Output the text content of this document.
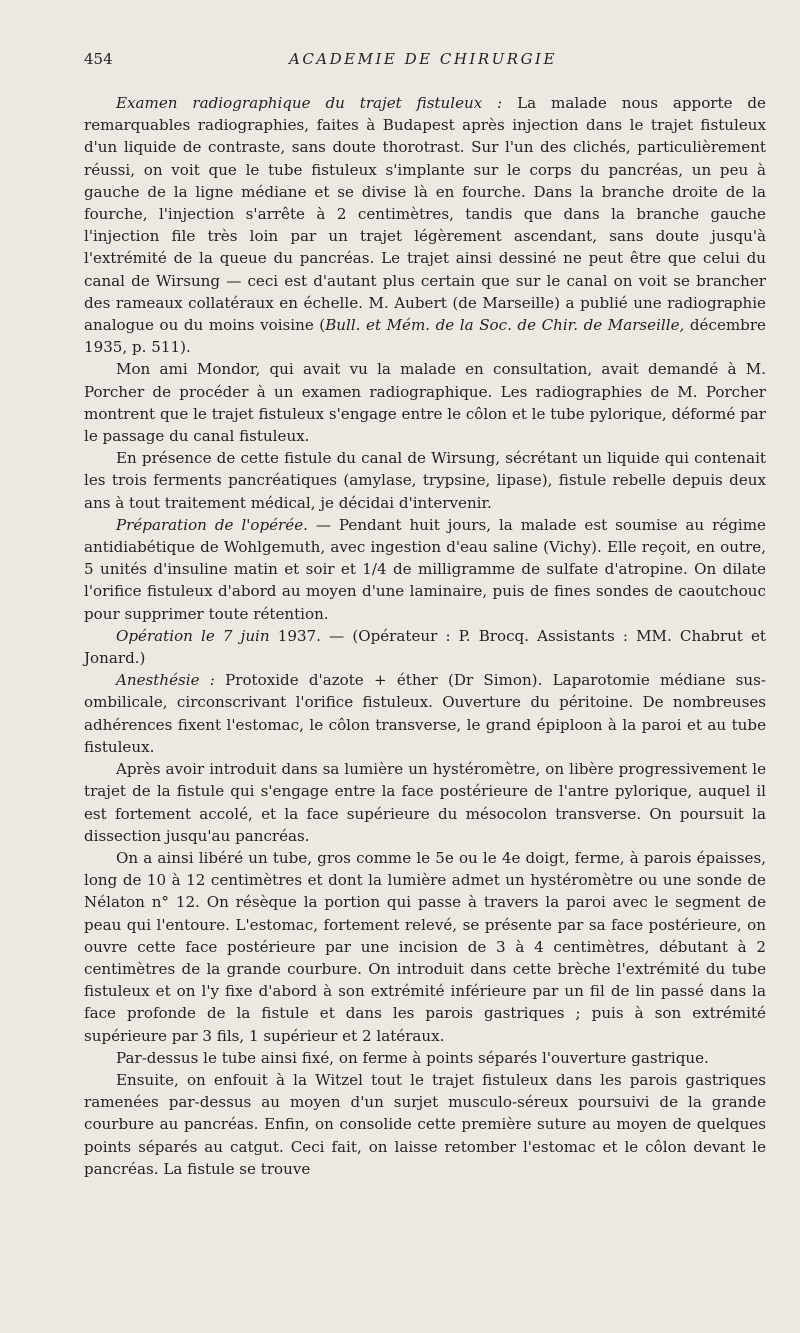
454	ACADEMIE DE CHIRURGIE

Examen radiographique du trajet fistuleux : La malade nous apporte de remarquables radiographies, faites à Budapest après injection dans le trajet fistuleux d'un liquide de contraste, sans doute thorotrast. Sur l'un des clichés, particulièrement réussi, on voit que le tube fistuleux s'implante sur le corps du pancréas, un peu à gauche de la ligne médiane et se divise là en fourche. Dans la branche droite de la fourche, l'injection s'arrête à 2 centimètres, tandis que dans la branche gauche l'injection file très loin par un trajet légèrement ascendant, sans doute jusqu'à l'extrémité de la queue du pancréas. Le trajet ainsi dessiné ne peut être que celui du canal de Wirsung — ceci est d'autant plus certain que sur le canal on voit se brancher des rameaux collatéraux en échelle. M. Aubert (de Marseille) a publié une radiographie analogue ou du moins voisine (Bull. et Mém. de la Soc. de Chir. de Marseille, décembre 1935, p. 511).

Mon ami Mondor, qui avait vu la malade en consultation, avait demandé à M. Porcher de procéder à un examen radiographique. Les radiographies de M. Porcher montrent que le trajet fistuleux s'engage entre le côlon et le tube pylorique, déformé par le passage du canal fistuleux.

En présence de cette fistule du canal de Wirsung, sécrétant un liquide qui contenait les trois ferments pancréatiques (amylase, trypsine, lipase), fistule rebelle depuis deux ans à tout traitement médical, je décidai d'intervenir.

Préparation de l'opérée. — Pendant huit jours, la malade est soumise au régime antidiabétique de Wohlgemuth, avec ingestion d'eau saline (Vichy). Elle reçoit, en outre, 5 unités d'insuline matin et soir et 1/4 de milligramme de sulfate d'atropine. On dilate l'orifice fistuleux d'abord au moyen d'une laminaire, puis de fines sondes de caoutchouc pour supprimer toute rétention.

Opération le 7 juin 1937. — (Opérateur : P. Brocq. Assistants : MM. Chabrut et Jonard.)

Anesthésie : Protoxide d'azote + éther (Dr Simon). Laparotomie médiane sus-ombilicale, circonscrivant l'orifice fistuleux. Ouverture du péritoine. De nombreuses adhérences fixent l'estomac, le côlon transverse, le grand épiploon à la paroi et au tube fistuleux.

Après avoir introduit dans sa lumière un hystéromètre, on libère progressivement le trajet de la fistule qui s'engage entre la face postérieure de l'antre pylorique, auquel il est fortement accolé, et la face supérieure du mésocolon transverse. On poursuit la dissection jusqu'au pancréas.

On a ainsi libéré un tube, gros comme le 5e ou le 4e doigt, ferme, à parois épaisses, long de 10 à 12 centimètres et dont la lumière admet un hystéromètre ou une sonde de Nélaton n° 12. On résèque la portion qui passe à travers la paroi avec le segment de peau qui l'entoure. L'estomac, fortement relevé, se présente par sa face postérieure, on ouvre cette face postérieure par une incision de 3 à 4 centimètres, débutant à 2 centimètres de la grande courbure. On introduit dans cette brèche l'extrémité du tube fistuleux et on l'y fixe d'abord à son extrémité inférieure par un fil de lin passé dans la face profonde de la fistule et dans les parois gastriques ; puis à son extrémité supérieure par 3 fils, 1 supérieur et 2 latéraux.

Par-dessus le tube ainsi fixé, on ferme à points séparés l'ouverture gastrique.

Ensuite, on enfouit à la Witzel tout le trajet fistuleux dans les parois gastriques ramenées par-dessus au moyen d'un surjet musculo-séreux poursuivi de la grande courbure au pancréas. Enfin, on consolide cette première suture au moyen de quelques points séparés au catgut. Ceci fait, on laisse retomber l'estomac et le côlon devant le pancréas. La fistule se trouve
